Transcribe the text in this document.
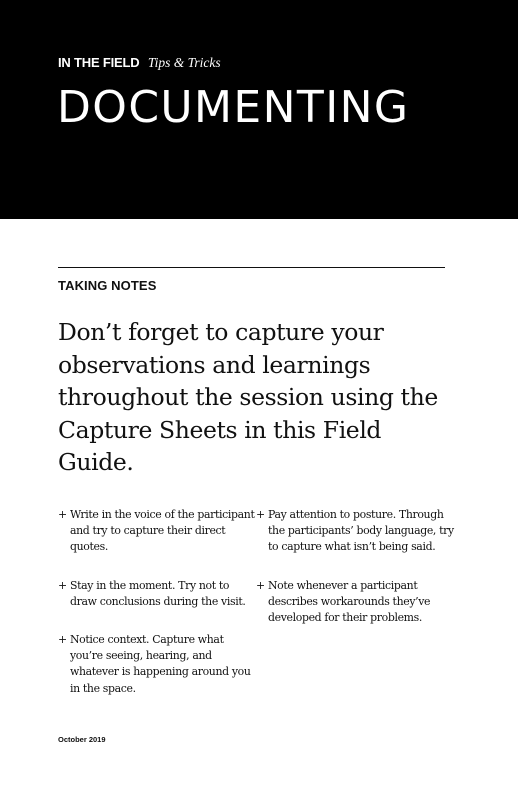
IN THE FIELD Tips & Tricks
DOCUMENTING
TAKING NOTES

Don’t forget to capture your observations and learnings throughout the session using the Capture Sheets in this Field Guide.

+ Write in the voice of the participant and try to capture their direct quotes.
+ Stay in the moment. Try not to draw conclusions during the visit.
+ Notice context. Capture what you’re seeing, hearing, and whatever is happening around you in the space.
+ Pay attention to posture. Through the participants’ body language, try to capture what isn’t being said.
+ Note whenever a participant describes workarounds they’ve developed for their problems.
October 2019
